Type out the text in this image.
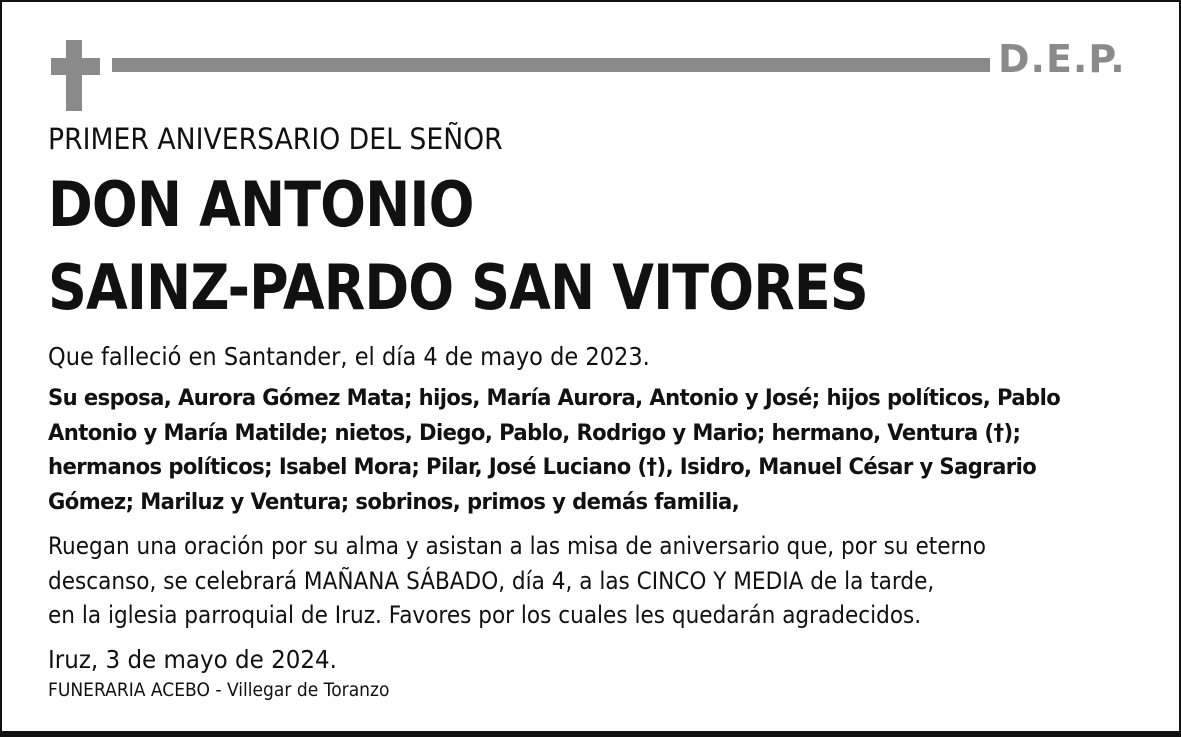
D.E.P.
PRIMER ANIVERSARIO DEL SEÑOR
DON ANTONIO
SAINZ-PARDO SAN VITORES
Que falleció en Santander, el día 4 de mayo de 2023.
Su esposa, Aurora Gómez Mata; hijos, María Aurora, Antonio y José; hijos políticos, Pablo
Antonio y María Matilde; nietos, Diego, Pablo, Rodrigo y Mario; hermano, Ventura (†);
hermanos políticos; Isabel Mora; Pilar, José Luciano (†), Isidro, Manuel César y Sagrario
Gómez; Mariluz y Ventura; sobrinos, primos y demás familia,
Ruegan una oración por su alma y asistan a las misa de aniversario que, por su eterno
descanso, se celebrará MAÑANA SÁBADO, día 4, a las CINCO Y MEDIA de la tarde,
en la iglesia parroquial de Iruz. Favores por los cuales les quedarán agradecidos.
Iruz, 3 de mayo de 2024.
FUNERARIA ACEBO - Villegar de Toranzo
